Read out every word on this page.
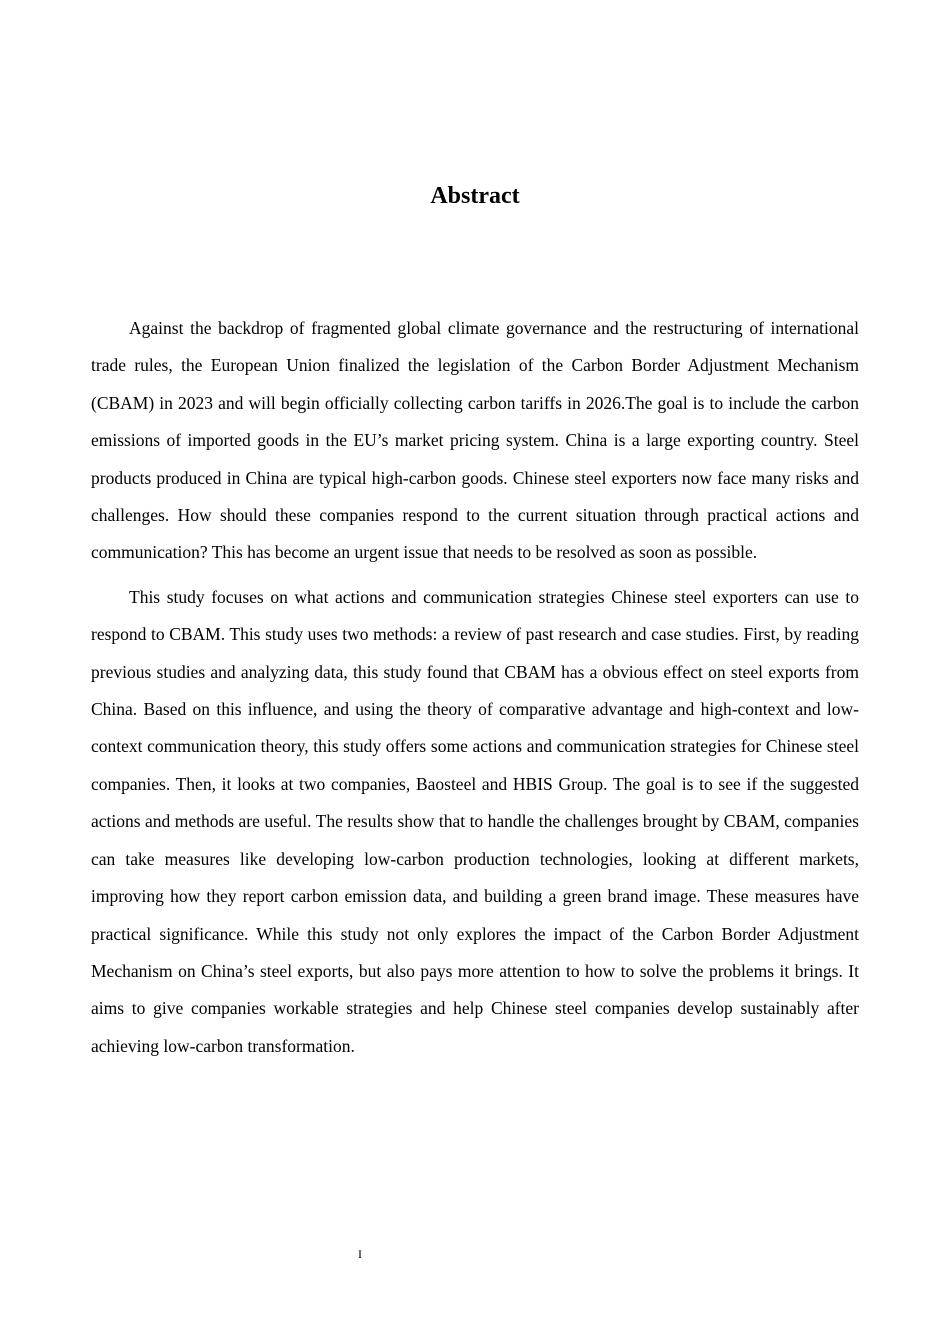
Abstract

Against the backdrop of fragmented global climate governance and the restructuring of international trade rules, the European Union finalized the legislation of the Carbon Border Adjustment Mechanism (CBAM) in 2023 and will begin officially collecting carbon tariffs in 2026.The goal is to include the carbon emissions of imported goods in the EU’s market pricing system. China is a large exporting country. Steel products produced in China are typical high-carbon goods. Chinese steel exporters now face many risks and challenges. How should these companies respond to the current situation through practical actions and communication? This has become an urgent issue that needs to be resolved as soon as possible.

This study focuses on what actions and communication strategies Chinese steel exporters can use to respond to CBAM. This study uses two methods: a review of past research and case studies. First, by reading previous studies and analyzing data, this study found that CBAM has a obvious effect on steel exports from China. Based on this influence, and using the theory of comparative advantage and high-context and low-context communication theory, this study offers some actions and communication strategies for Chinese steel companies. Then, it looks at two companies, Baosteel and HBIS Group. The goal is to see if the suggested actions and methods are useful. The results show that to handle the challenges brought by CBAM, companies can take measures like developing low-carbon production technologies, looking at different markets, improving how they report carbon emission data, and building a green brand image. These measures have practical significance. While this study not only explores the impact of the Carbon Border Adjustment Mechanism on China’s steel exports, but also pays more attention to how to solve the problems it brings. It aims to give companies workable strategies and help Chinese steel companies develop sustainably after achieving low-carbon transformation.

I
